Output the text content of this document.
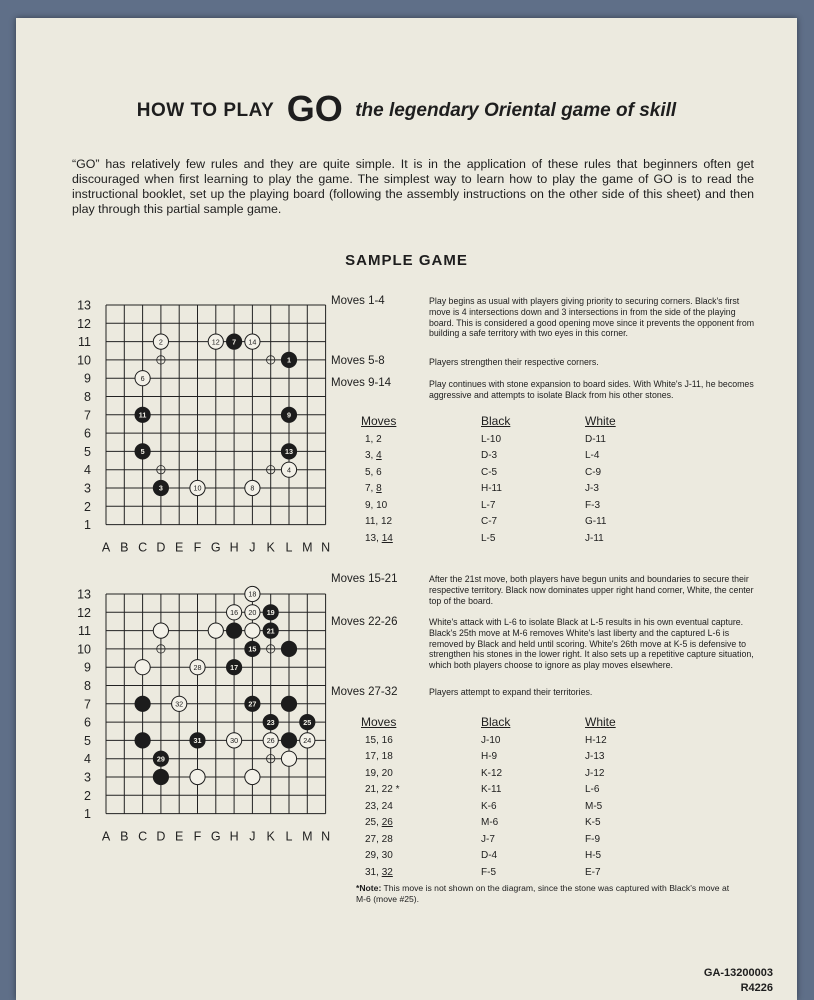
HOW TO PLAY GO the legendary Oriental game of skill
“GO” has relatively few rules and they are quite simple. It is in the application of these rules that beginners often get discouraged when first learning to play the game. The simplest way to learn how to play the game of GO is to read the instructional booklet, set up the playing board (following the assembly instructions on the other side of this sheet) and then play through this partial sample game.
SAMPLE GAME
13
12
11
10
9
8
7
6
5
4
3
2
1
A B C D E F G H J K L M N
1
2
3
4
5
6
7
8
9
10
11
12
13
14
Moves 1-4	Play begins as usual with players giving priority to securing corners. Black's first move is 4 intersections down and 3 intersections in from the side of the playing board. This is considered a good opening move since it prevents the opponent from building a safe territory with two eyes in this corner.
Moves 5-8	Players strengthen their respective corners.
Moves 9-14	Play continues with stone expansion to board sides. With White's J-11, he becomes aggressive and attempts to isolate Black from his other stones.
Moves	Black	White
1, 2	L-10	D-11
3, 4	D-3	L-4
5, 6	C-5	C-9
7, 8	H-11	J-3
9, 10	L-7	F-3
11, 12	C-7	G-11
13, 14	L-5	J-11
13
12
11
10
9
8
7
6
5
4
3
2
1
A B C D E F G H J K L M N
15
16
17
18
19
20
21
23
24
25
26
27
28
29
30
31
32
Moves 15-21	After the 21st move, both players have begun units and boundaries to secure their respective territory. Black now dominates upper right hand corner, White, the center top of the board.
Moves 22-26	White's attack with L-6 to isolate Black at L-5 results in his own eventual capture. Black's 25th move at M-6 removes White's last liberty and the captured L-6 is removed by Black and held until scoring. White's 26th move at K-5 is defensive to strengthen his stones in the lower right. It also sets up a repetitive capture situation, which both players choose to ignore as play moves elsewhere.
Moves 27-32	Players attempt to expand their territories.
Moves	Black	White
15, 16	J-10	H-12
17, 18	H-9	J-13
19, 20	K-12	J-12
21, 22 *	K-11	L-6
23, 24	K-6	M-5
25, 26	M-6	K-5
27, 28	J-7	F-9
29, 30	D-4	H-5
31, 32	F-5	E-7
*Note: This move is not shown on the diagram, since the stone was captured with Black's move at M-6 (move #25).
GA-13200003
R4226
